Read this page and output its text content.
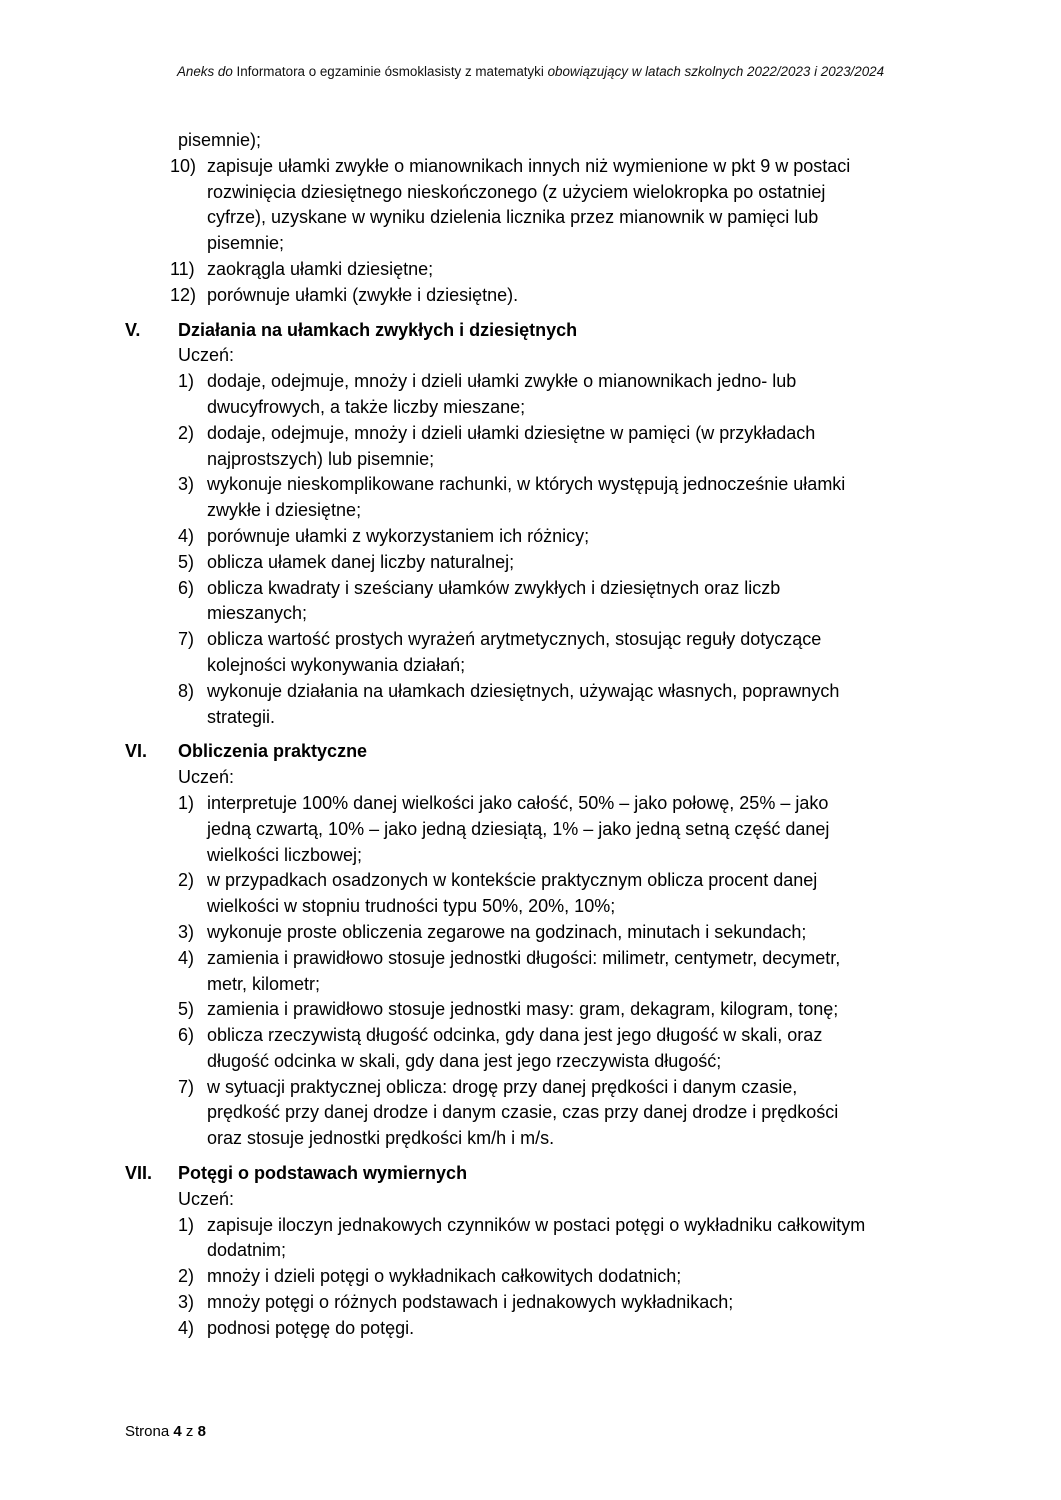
Aneks do Informatora o egzaminie ósmoklasisty z matematyki obowiązujący w latach szkolnych 2022/2023 i 2023/2024
pisemnie);
10) zapisuje ułamki zwykłe o mianownikach innych niż wymienione w pkt 9 w postaci
rozwinięcia dziesiętnego nieskończonego (z użyciem wielokropka po ostatniej
cyfrze), uzyskane w wyniku dzielenia licznika przez mianownik w pamięci lub
pisemnie;
11) zaokrągla ułamki dziesiętne;
12) porównuje ułamki (zwykłe i dziesiętne).
V. Działania na ułamkach zwykłych i dziesiętnych
Uczeń:
1) dodaje, odejmuje, mnoży i dzieli ułamki zwykłe o mianownikach jedno- lub
dwucyfrowych, a także liczby mieszane;
2) dodaje, odejmuje, mnoży i dzieli ułamki dziesiętne w pamięci (w przykładach
najprostszych) lub pisemnie;
3) wykonuje nieskomplikowane rachunki, w których występują jednocześnie ułamki
zwykłe i dziesiętne;
4) porównuje ułamki z wykorzystaniem ich różnicy;
5) oblicza ułamek danej liczby naturalnej;
6) oblicza kwadraty i sześciany ułamków zwykłych i dziesiętnych oraz liczb
mieszanych;
7) oblicza wartość prostych wyrażeń arytmetycznych, stosując reguły dotyczące
kolejności wykonywania działań;
8) wykonuje działania na ułamkach dziesiętnych, używając własnych, poprawnych
strategii.
VI. Obliczenia praktyczne
Uczeń:
1) interpretuje 100% danej wielkości jako całość, 50% – jako połowę, 25% – jako
jedną czwartą, 10% – jako jedną dziesiątą, 1% – jako jedną setną część danej
wielkości liczbowej;
2) w przypadkach osadzonych w kontekście praktycznym oblicza procent danej
wielkości w stopniu trudności typu 50%, 20%, 10%;
3) wykonuje proste obliczenia zegarowe na godzinach, minutach i sekundach;
4) zamienia i prawidłowo stosuje jednostki długości: milimetr, centymetr, decymetr,
metr, kilometr;
5) zamienia i prawidłowo stosuje jednostki masy: gram, dekagram, kilogram, tonę;
6) oblicza rzeczywistą długość odcinka, gdy dana jest jego długość w skali, oraz
długość odcinka w skali, gdy dana jest jego rzeczywista długość;
7) w sytuacji praktycznej oblicza: drogę przy danej prędkości i danym czasie,
prędkość przy danej drodze i danym czasie, czas przy danej drodze i prędkości
oraz stosuje jednostki prędkości km/h i m/s.
VII. Potęgi o podstawach wymiernych
Uczeń:
1) zapisuje iloczyn jednakowych czynników w postaci potęgi o wykładniku całkowitym
dodatnim;
2) mnoży i dzieli potęgi o wykładnikach całkowitych dodatnich;
3) mnoży potęgi o różnych podstawach i jednakowych wykładnikach;
4) podnosi potęgę do potęgi.
Strona 4 z 8
